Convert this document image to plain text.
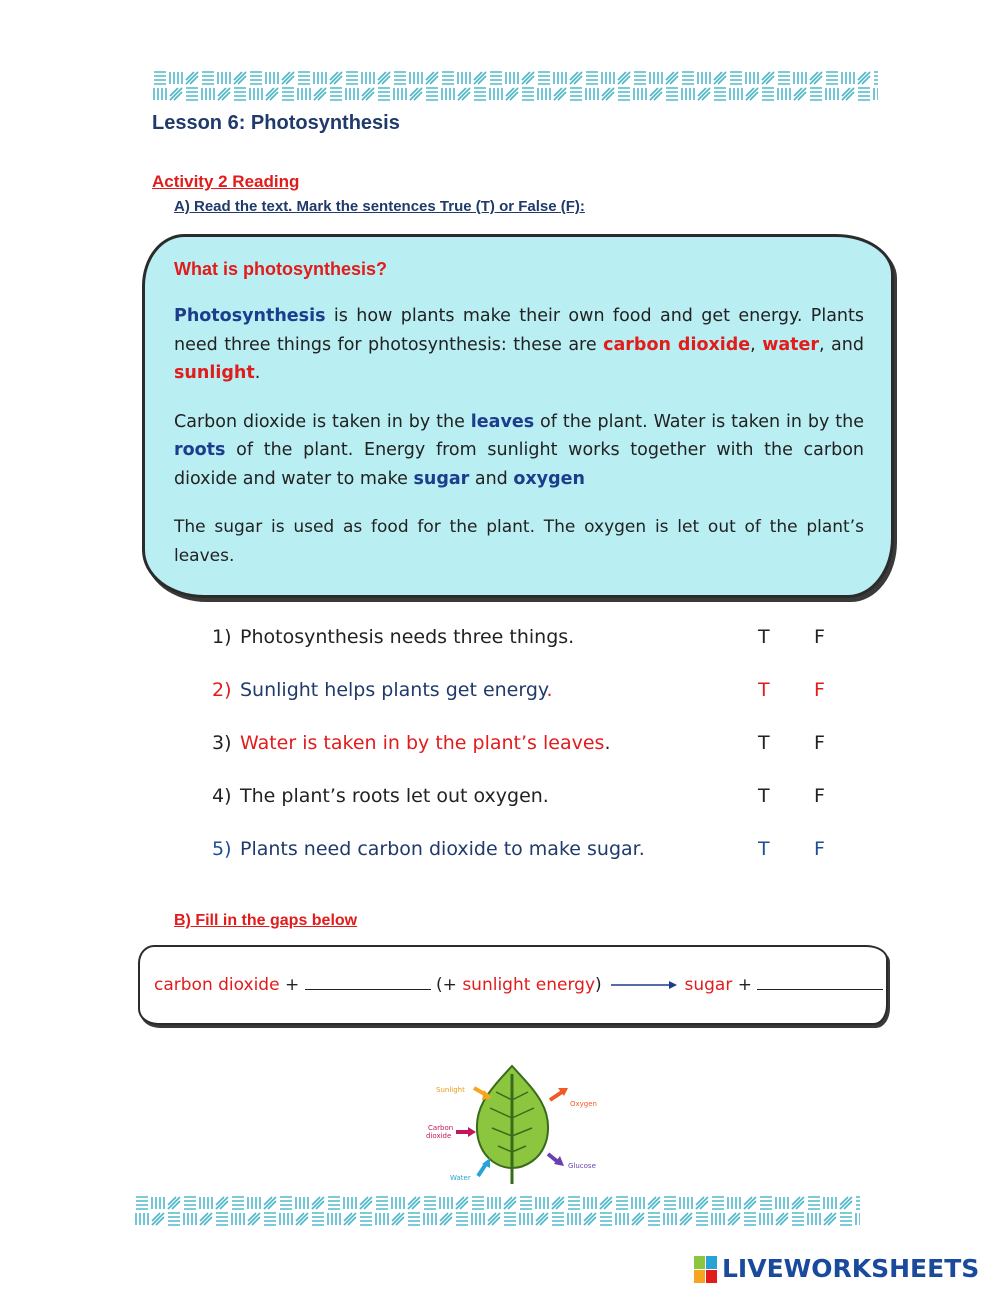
Lesson 6: Photosynthesis
Activity 2 Reading
A) Read the text. Mark the sentences True (T) or False (F):
What is photosynthesis?

Photosynthesis is how plants make their own food and get energy. Plants need three things for photosynthesis: these are carbon dioxide, water, and sunlight.

Carbon dioxide is taken in by the leaves of the plant. Water is taken in by the roots of the plant. Energy from sunlight works together with the carbon dioxide and water to make sugar and oxygen

The sugar is used as food for the plant. The oxygen is let out of the plant’s leaves.

1) Photosynthesis needs three things.	T F
2) Sunlight helps plants get energy.	T F
3) Water is taken in by the plant’s leaves.	T F
4) The plant’s roots let out oxygen.	T F
5) Plants need carbon dioxide to make sugar.	T F
B) Fill in the gaps below
carbon dioxide +	(+ sunlight energy)	sugar +
Sunlight
Carbon
dioxide
Water
Oxygen
Glucose
LIVEWORKSHEETS
